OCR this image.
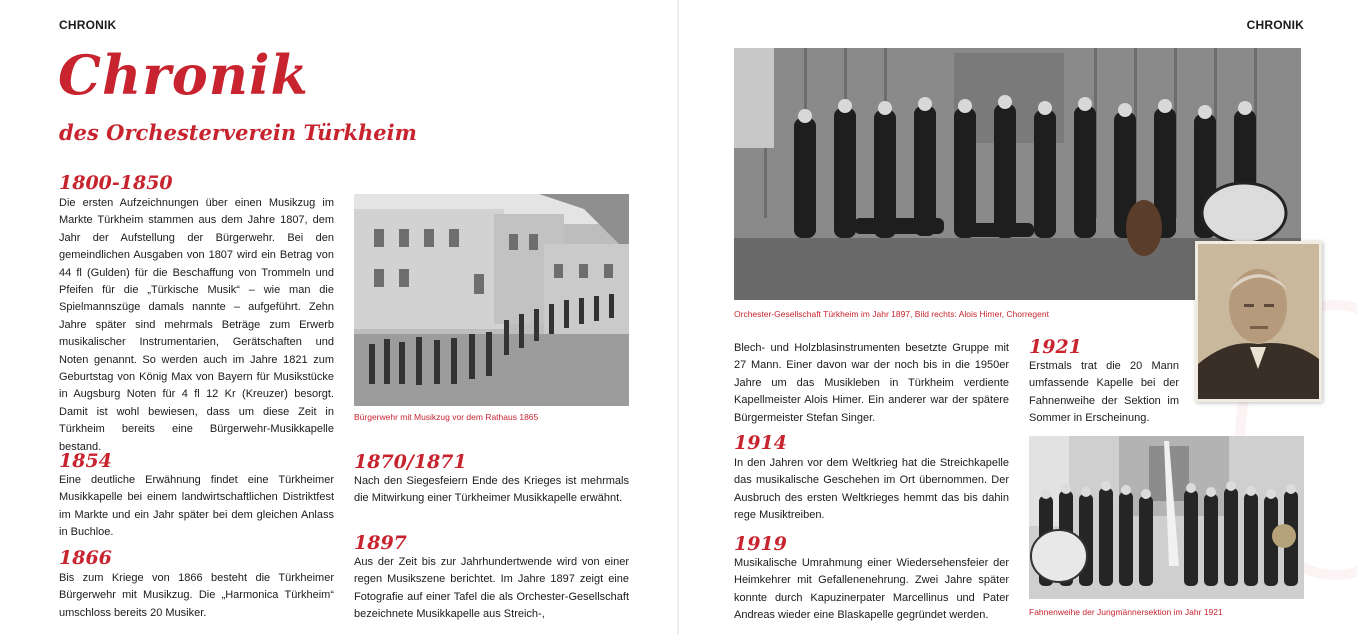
CHRONIK
Chronik
des Orchesterverein Türkheim
1800-1850
Die ersten Aufzeichnungen über einen Musikzug im Markte Türkheim stammen aus dem Jahre 1807, dem Jahr der Aufstellung der Bürgerwehr. Bei den gemeindlichen Ausgaben von 1807 wird ein Betrag von 44 fl (Gulden) für die Beschaffung von Trommeln und Pfeifen für die „Türkische Musik“ – wie man die Spielmannszüge damals nannte – aufgeführt. Zehn Jahre später sind mehrmals Beträge zum Erwerb musikalischer Instrumentarien, Gerätschaften und Noten genannt. So werden auch im Jahre 1821 zum Geburtstag von König Max von Bayern für Musikstücke in Augsburg Noten für 4 fl 12 Kr (Kreuzer) besorgt. Damit ist wohl bewiesen, dass um diese Zeit in Türkheim bereits eine Bürgerwehr-Musikkapelle bestand.
1854
Eine deutliche Erwähnung findet eine Türkheimer Musikkapelle bei einem landwirtschaftlichen Distriktfest im Markte und ein Jahr später bei dem gleichen Anlass in Buchloe.
1866
Bis zum Kriege von 1866 besteht die Türkheimer Bürgerwehr mit Musikzug. Die „Harmonica Türkheim“ umschloss bereits 20 Musiker.
Bürgerwehr mit Musikzug vor dem Rathaus 1865
1870/1871
Nach den Siegesfeiern Ende des Krieges ist mehrmals die Mitwirkung einer Türkheimer Musikkapelle erwähnt.
1897
Aus der Zeit bis zur Jahrhundertwende wird von einer regen Musikszene berichtet. Im Jahre 1897 zeigt eine Fotografie auf einer Tafel die als Orchester-Gesellschaft bezeichnete Musikkapelle aus Streich-,
CHRONIK
Orchester-Gesellschaft Türkheim im Jahr 1897, Bild rechts: Alois Himer, Chorregent
Blech- und Holzblasinstrumenten besetzte Gruppe mit 27 Mann. Einer davon war der noch bis in die 1950er Jahre um das Musikleben in Türkheim verdiente Kapellmeister Alois Himer. Ein anderer war der spätere Bürgermeister Stefan Singer.
1914
In den Jahren vor dem Weltkrieg hat die Streichkapelle das musikalische Geschehen im Ort übernommen. Der Ausbruch des ersten Weltkrieges hemmt das bis dahin rege Musiktreiben.
1919
Musikalische Umrahmung einer Wiedersehensfeier der Heimkehrer mit Gefallenenehrung. Zwei Jahre später konnte durch Kapuzinerpater Marcellinus und Pater Andreas wieder eine Blaskapelle gegründet werden.
1921
Erstmals trat die 20 Mann umfassende Kapelle bei der Fahnenweihe der Sektion im Sommer in Erscheinung.
Fahnenweihe der Jungmännersektion im Jahr 1921
